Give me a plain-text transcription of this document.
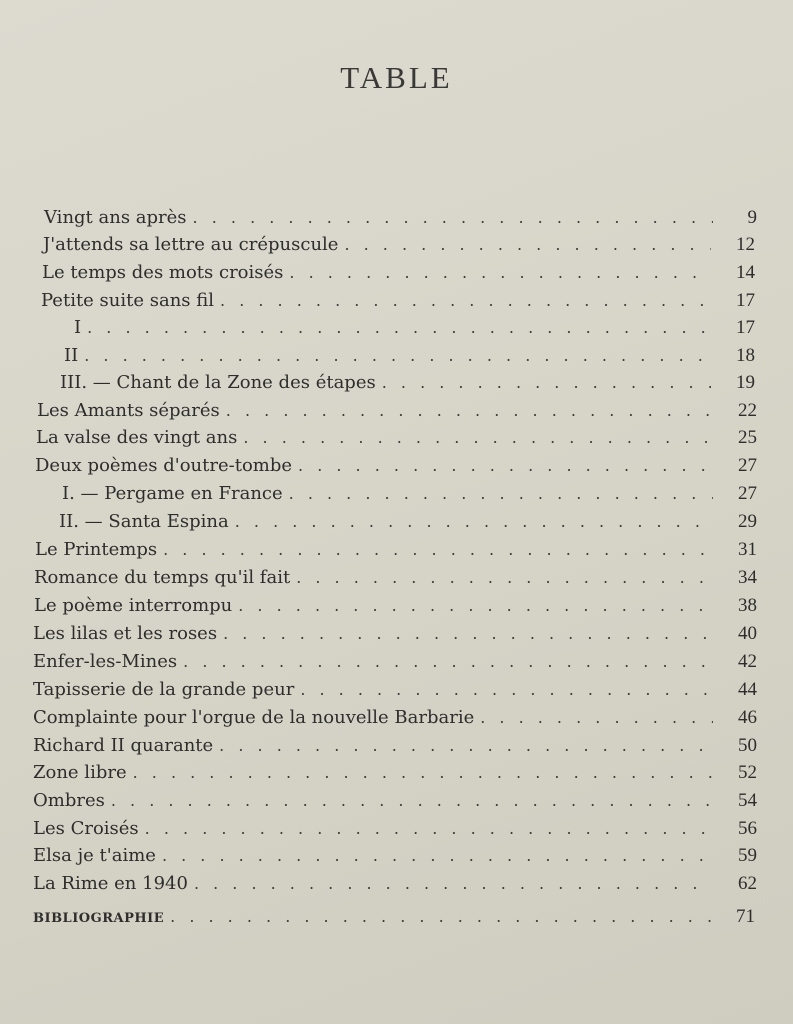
TABLE
Vingt ans après . . .	9
J'attends sa lettre au crépuscule . . .	12
Le temps des mots croisés . . .	14
Petite suite sans fil . . .	17
I . . .	17
II . . .	18
III. — Chant de la Zone des étapes . . .	19
Les Amants séparés . . .	22
La valse des vingt ans . . .	25
Deux poèmes d'outre-tombe . . .	27
I. — Pergame en France . . .	27
II. — Santa Espina . . .	29
Le Printemps . . .	31
Romance du temps qu'il fait . . .	34
Le poème interrompu . . .	38
Les lilas et les roses . . .	40
Enfer-les-Mines . . .	42
Tapisserie de la grande peur . . .	44
Complainte pour l'orgue de la nouvelle Barbarie . . .	46
Richard II quarante . . .	50
Zone libre . . .	52
Ombres . . .	54
Les Croisés . . .	56
Elsa je t'aime . . .	59
La Rime en 1940 . . .	62
BIBLIOGRAPHIE . . .	71
